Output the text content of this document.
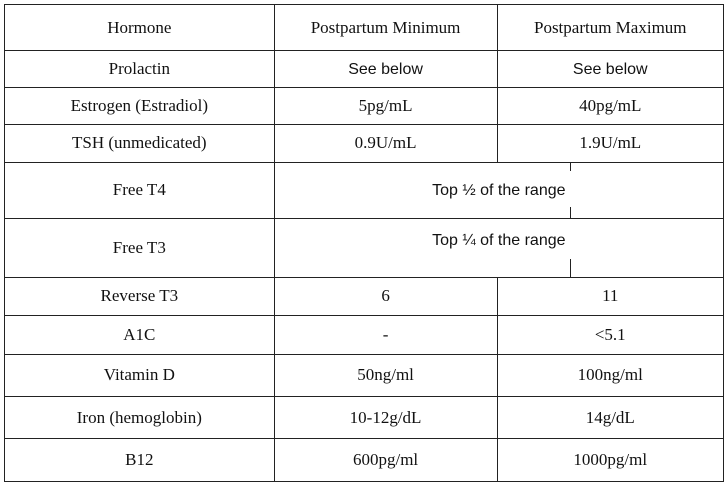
Hormone	Postpartum Minimum	Postpartum Maximum
Prolactin	See below	See below
Estrogen (Estradiol)	5pg/mL	40pg/mL
TSH (unmedicated)	0.9U/mL	1.9U/mL
Free T4	Top ½ of the range	

Free T3	Top ¼ of the range	

Reverse T3	6	11
A1C	-	<5.1
Vitamin D	50ng/ml	100ng/ml
Iron (hemoglobin)	10-12g/dL	14g/dL
B12	600pg/ml	1000pg/ml
